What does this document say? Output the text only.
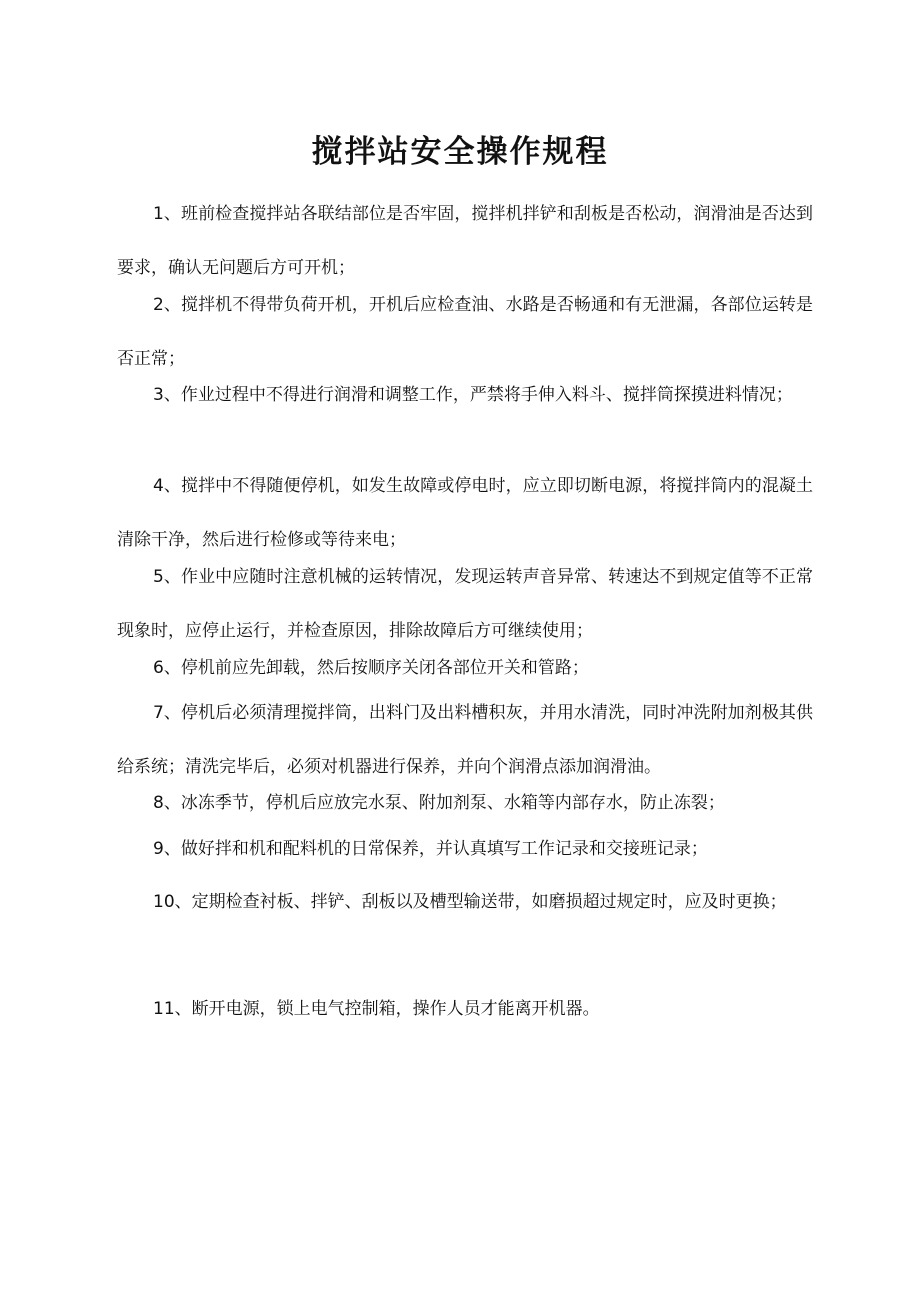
搅拌站安全操作规程

1、班前检查搅拌站各联结部位是否牢固，搅拌机拌铲和刮板是否松动，润滑油是否达到要求，确认无问题后方可开机；

2、搅拌机不得带负荷开机，开机后应检查油、水路是否畅通和有无泄漏，各部位运转是否正常；

3、作业过程中不得进行润滑和调整工作，严禁将手伸入料斗、搅拌筒探摸进料情况；

4、搅拌中不得随便停机，如发生故障或停电时，应立即切断电源，将搅拌筒内的混凝土清除干净，然后进行检修或等待来电；

5、作业中应随时注意机械的运转情况，发现运转声音异常、转速达不到规定值等不正常现象时，应停止运行，并检查原因，排除故障后方可继续使用；

6、停机前应先卸载，然后按顺序关闭各部位开关和管路；

7、停机后必须清理搅拌筒，出料门及出料槽积灰，并用水清洗，同时冲洗附加剂极其供给系统；清洗完毕后，必须对机器进行保养，并向个润滑点添加润滑油。

8、冰冻季节，停机后应放完水泵、附加剂泵、水箱等内部存水，防止冻裂；

9、做好拌和机和配料机的日常保养，并认真填写工作记录和交接班记录；

10、定期检查衬板、拌铲、刮板以及槽型输送带，如磨损超过规定时，应及时更换；

11、断开电源，锁上电气控制箱，操作人员才能离开机器。
